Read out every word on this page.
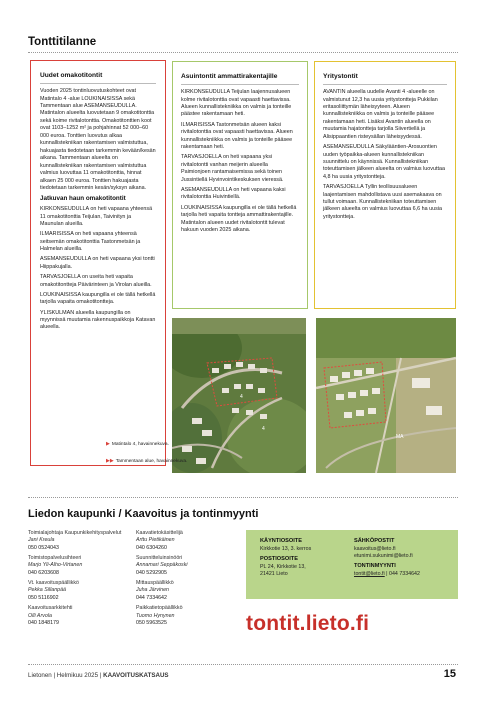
Tonttitilanne
Uudet omakotitontit

Vuoden 2025 tontinluovutuskohteet ovat Matintalo 4 -alue LOUKINAISISSA sekä Tammentaan alue ASEMANSEUDULLA. Matintalon alueelta luovutetaan 9 omakotitonttia sekä koime rivitalotonttia. Omakotitonttien koot ovat 1103–1252 m² ja pohjahinnat 52 000–60 000 euroa. Tonttien luovutus alkaa kunnallistekniikan rakentamisen valmistuttua, hakuajasta tiedotetaan tarkemmin kevään/kesän aikana. Tammentaan alueelta on kunnallistekniikan rakentamisen valmistuttua valmius luovuttaa 11 omakotitonttia, hinnat alkaen 25 000 euroa. Tonttien hakuajasta tiedotetaan tarkemmin kesän/syksyn aikana.

Jatkuvan haun omakotitontit

KIRKONSEUDULLA on heti vapaana yhteensä 11 omakotitonttia Teijulan, Taivinityn ja Maunulan alueilla.

ILMARISISSA on heti vapaana yhteensä seitsemän omakotitonttia Tastonmetsän ja Halmelan alueilla.

ASEMANSEUDULLA on heti vapaana yksi tontti Hiippakujalla.

TARVASJOELLA on useita heti vapaita omakotitontteja Päivärinteen ja Virolan alueilla.

LOUKINAISISSA kaupungilla ei ole tällä hetkellä tarjolla vapaita omakotitontteja.

YLISKULMAN alueella kaupungilla on myynnissä muutamia rakennuspaikkoja Katavan alueella.

Asuintontit ammattirakentajille

KIRKONSEUDULLA Teijulan laajennusalueen kolme rivitalotonttia ovat vapaasti haettavissa. Alueen kunnallistekniikka on valmis ja tonteille päästee rakentamaan heti.

ILMARISISSA Tastonmetsän alueen kaksi rivitalotonttia ovat vapaasti haettavissa. Alueen kunnallistekniikka on valmis ja tonteille pääsee rakentamaan heti.

TARVASJOELLA on heti vapaana yksi rivitalotontti vanhan meijerin alueella Paimionjoen rantamaisemissa sekä toinen Jussintiellä Hyvinvointikeskuksen vieressä.

ASEMANSEUDULLA on heti vapaana kaksi rivitalotonttia Huivintiellä.

LOUKINAISISSA kaupungilla ei ole tällä hetkellä tarjolla heti vapaita tontteja ammattirakentajille. Matintalon alueen uudet rivitalotontit tulevat hakuun vuoden 2025 aikana.

Yritystontit

AVANTIN alueella uudelle Avanti 4 -alueelle on valmistunut 12,3 ha uusia yritystontteja Pukkilan eritasoliittymän läheisyyteen. Alueen kunnallistekniikka on valmis ja tonteille pääsee rakentamaan heti. Lisäksi Avantin alueella on muutamia hajatontteja tarjolla Siivertiellä ja Alisippaantien risteysällan läheisyydessä.

ASEMANSEUDULLA Säkylääntien-Arosuontien uuden työpaikka-alueen kunnallistekniikan suunnittelu on käynnissä. Kunnallistekniikan toteuttamisen jälkeen alueelta on valmius luovuttaa 4,8 ha uusia yritystontteja.

TARVASJOELLA Tyllin teollisuusalueen laajentamisen mahdollistava uusi asemakaava on tullut voimaan. Kunnallistekniikan toteuttamisen jälkeen alueelta on valmius luovuttaa 6,6 ha uusia yritystontteja.

4
4
MA
▶ Matintalo 4, havainnekuva.
▶▶ Tammentaan alue, havainnekuva.
Liedon kaupunki / Kaavoitus ja tontinmyynti
Toimialajohtaja Kaupunkikehityspalvelut
Jani Kreula
050 0524043
Toimistopalvelusihteeri
Marjo Yli-Alho-Virtanen
040 6203608
Vt. kaavoituspäällikkö
Pekka Sillanpää
050 5116902
Kaavoitusarkkitehti
Olli Arvola
040 1848179
Kaavatietokäsittelijä
Arttu Pietikäinen
040 6304260
Suunnitteluinsinööri
Annamari Seppäkoski
040 5292905
Mittauspäällikkö
Juha Järvinen
044 7334642
Paikkatietopäällikkö
Tuomo Hynynen
050 5963525
KÄYNTIOSOITE
Kirkkotie 13, 3. kerros
POSTIOSOITE
PL 24, Kirkkotie 13,
21421 Lieto
SÄHKÖPOSTIT
kaavoitus@lieto.fi
etunimi.sukunimi@lieto.fi
TONTINMYYNTI
tontit@lieto.fi | 044 7334642
tontit.lieto.fi
Lietonen | Helmikuu 2025 | KAAVOITUSKATSAUS	15
